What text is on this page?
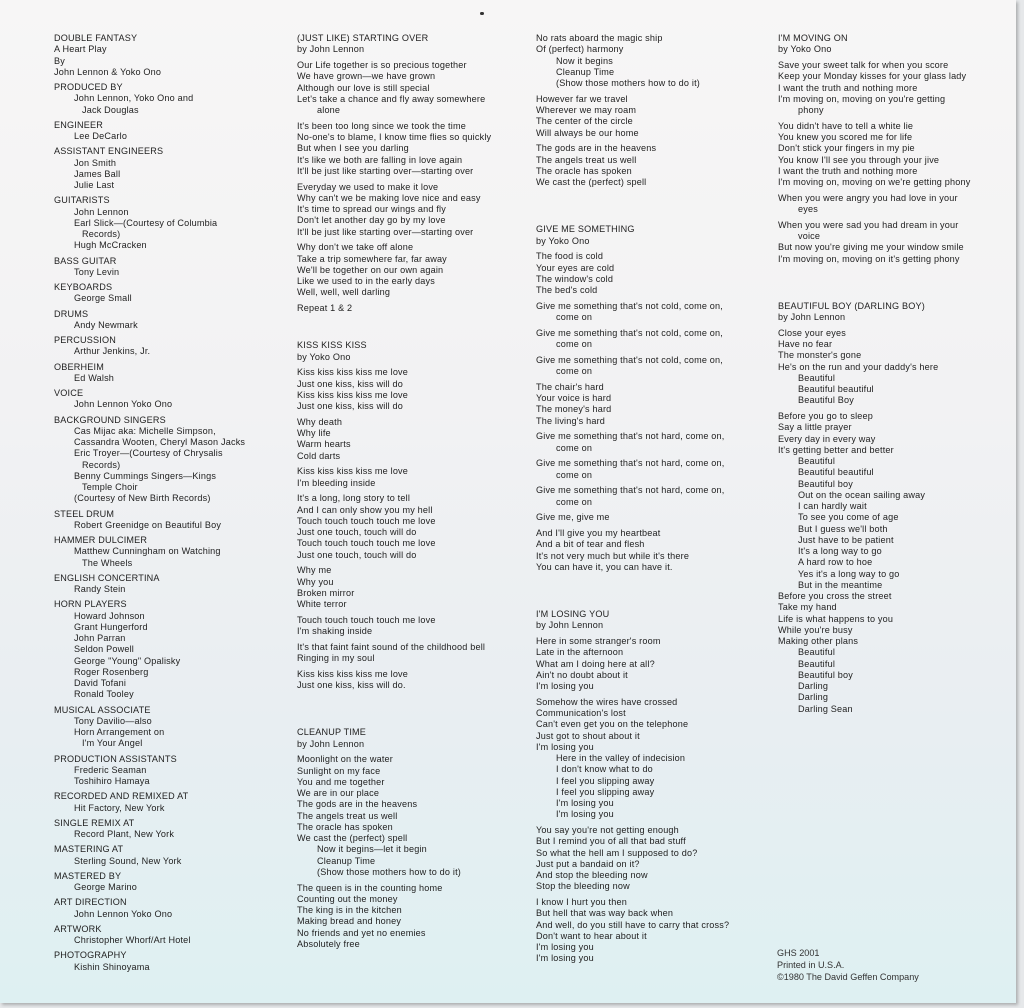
DOUBLE FANTASY

A Heart Play

By

John Lennon & Yoko Ono

PRODUCED BY

John Lennon, Yoko Ono and

Jack Douglas

ENGINEER

Lee DeCarlo

ASSISTANT ENGINEERS

Jon Smith

James Ball

Julie Last

GUITARISTS

John Lennon

Earl Slick—(Courtesy of Columbia

Records)

Hugh McCracken

BASS GUITAR

Tony Levin

KEYBOARDS

George Small

DRUMS

Andy Newmark

PERCUSSION

Arthur Jenkins, Jr.

OBERHEIM

Ed Walsh

VOICE

John Lennon Yoko Ono

BACKGROUND SINGERS

Cas Mijac aka: Michelle Simpson,

Cassandra Wooten, Cheryl Mason Jacks

Eric Troyer—(Courtesy of Chrysalis

Records)

Benny Cummings Singers—Kings

Temple Choir

(Courtesy of New Birth Records)

STEEL DRUM

Robert Greenidge on Beautiful Boy

HAMMER DULCIMER

Matthew Cunningham on Watching

The Wheels

ENGLISH CONCERTINA

Randy Stein

HORN PLAYERS

Howard Johnson

Grant Hungerford

John Parran

Seldon Powell

George "Young" Opalisky

Roger Rosenberg

David Tofani

Ronald Tooley

MUSICAL ASSOCIATE

Tony Davilio—also

Horn Arrangement on

I'm Your Angel

PRODUCTION ASSISTANTS

Frederic Seaman

Toshihiro Hamaya

RECORDED AND REMIXED AT

Hit Factory, New York

SINGLE REMIX AT

Record Plant, New York

MASTERING AT

Sterling Sound, New York

MASTERED BY

George Marino

ART DIRECTION

John Lennon Yoko Ono

ARTWORK

Christopher Whorf/Art Hotel

PHOTOGRAPHY

Kishin Shinoyama

(JUST LIKE) STARTING OVER

by John Lennon

Our Life together is so precious together

We have grown—we have grown

Although our love is still special

Let's take a chance and fly away somewhere

alone

It's been too long since we took the time

No-one's to blame, I know time flies so quickly

But when I see you darling

It's like we both are falling in love again

It'll be just like starting over—starting over

Everyday we used to make it love

Why can't we be making love nice and easy

It's time to spread our wings and fly

Don't let another day go by my love

It'll be just like starting over—starting over

Why don't we take off alone

Take a trip somewhere far, far away

We'll be together on our own again

Like we used to in the early days

Well, well, well darling

Repeat 1 & 2

KISS KISS KISS

by Yoko Ono

Kiss kiss kiss kiss me love

Just one kiss, kiss will do

Kiss kiss kiss kiss me love

Just one kiss, kiss will do

Why death

Why life

Warm hearts

Cold darts

Kiss kiss kiss kiss me love

I'm bleeding inside

It's a long, long story to tell

And I can only show you my hell

Touch touch touch touch me love

Just one touch, touch will do

Touch touch touch touch me love

Just one touch, touch will do

Why me

Why you

Broken mirror

White terror

Touch touch touch touch me love

I'm shaking inside

It's that faint faint sound of the childhood bell

Ringing in my soul

Kiss kiss kiss kiss me love

Just one kiss, kiss will do.

CLEANUP TIME

by John Lennon

Moonlight on the water

Sunlight on my face

You and me together

We are in our place

The gods are in the heavens

The angels treat us well

The oracle has spoken

We cast the (perfect) spell

Now it begins—let it begin

Cleanup Time

(Show those mothers how to do it)

The queen is in the counting home

Counting out the money

The king is in the kitchen

Making bread and honey

No friends and yet no enemies

Absolutely free

No rats aboard the magic ship

Of (perfect) harmony

Now it begins

Cleanup Time

(Show those mothers how to do it)

However far we travel

Wherever we may roam

The center of the circle

Will always be our home

The gods are in the heavens

The angels treat us well

The oracle has spoken

We cast the (perfect) spell

GIVE ME SOMETHING

by Yoko Ono

The food is cold

Your eyes are cold

The window's cold

The bed's cold

Give me something that's not cold, come on,

come on

Give me something that's not cold, come on,

come on

Give me something that's not cold, come on,

come on

The chair's hard

Your voice is hard

The money's hard

The living's hard

Give me something that's not hard, come on,

come on

Give me something that's not hard, come on,

come on

Give me something that's not hard, come on,

come on

Give me, give me

And I'll give you my heartbeat

And a bit of tear and flesh

It's not very much but while it's there

You can have it, you can have it.

I'M LOSING YOU

by John Lennon

Here in some stranger's room

Late in the afternoon

What am I doing here at all?

Ain't no doubt about it

I'm losing you

Somehow the wires have crossed

Communication's lost

Can't even get you on the telephone

Just got to shout about it

I'm losing you

Here in the valley of indecision

I don't know what to do

I feel you slipping away

I feel you slipping away

I'm losing you

I'm losing you

You say you're not getting enough

But I remind you of all that bad stuff

So what the hell am I supposed to do?

Just put a bandaid on it?

And stop the bleeding now

Stop the bleeding now

I know I hurt you then

But hell that was way back when

And well, do you still have to carry that cross?

Don't want to hear about it

I'm losing you

I'm losing you

I'M MOVING ON

by Yoko Ono

Save your sweet talk for when you score

Keep your Monday kisses for your glass lady

I want the truth and nothing more

I'm moving on, moving on you're getting

phony

You didn't have to tell a white lie

You knew you scored me for life

Don't stick your fingers in my pie

You know I'll see you through your jive

I want the truth and nothing more

I'm moving on, moving on we're getting phony

When you were angry you had love in your

eyes

When you were sad you had dream in your

voice

But now you're giving me your window smile

I'm moving on, moving on it's getting phony

BEAUTIFUL BOY (DARLING BOY)

by John Lennon

Close your eyes

Have no fear

The monster's gone

He's on the run and your daddy's here

Beautiful

Beautiful beautiful

Beautiful Boy

Before you go to sleep

Say a little prayer

Every day in every way

It's getting better and better

Beautiful

Beautiful beautiful

Beautiful boy

Out on the ocean sailing away

I can hardly wait

To see you come of age

But I guess we'll both

Just have to be patient

It's a long way to go

A hard row to hoe

Yes it's a long way to go

But in the meantime

Before you cross the street

Take my hand

Life is what happens to you

While you're busy

Making other plans

Beautiful

Beautiful

Beautiful boy

Darling

Darling

Darling Sean

GHS 2001

Printed in U.S.A.

©1980 The David Geffen Company
